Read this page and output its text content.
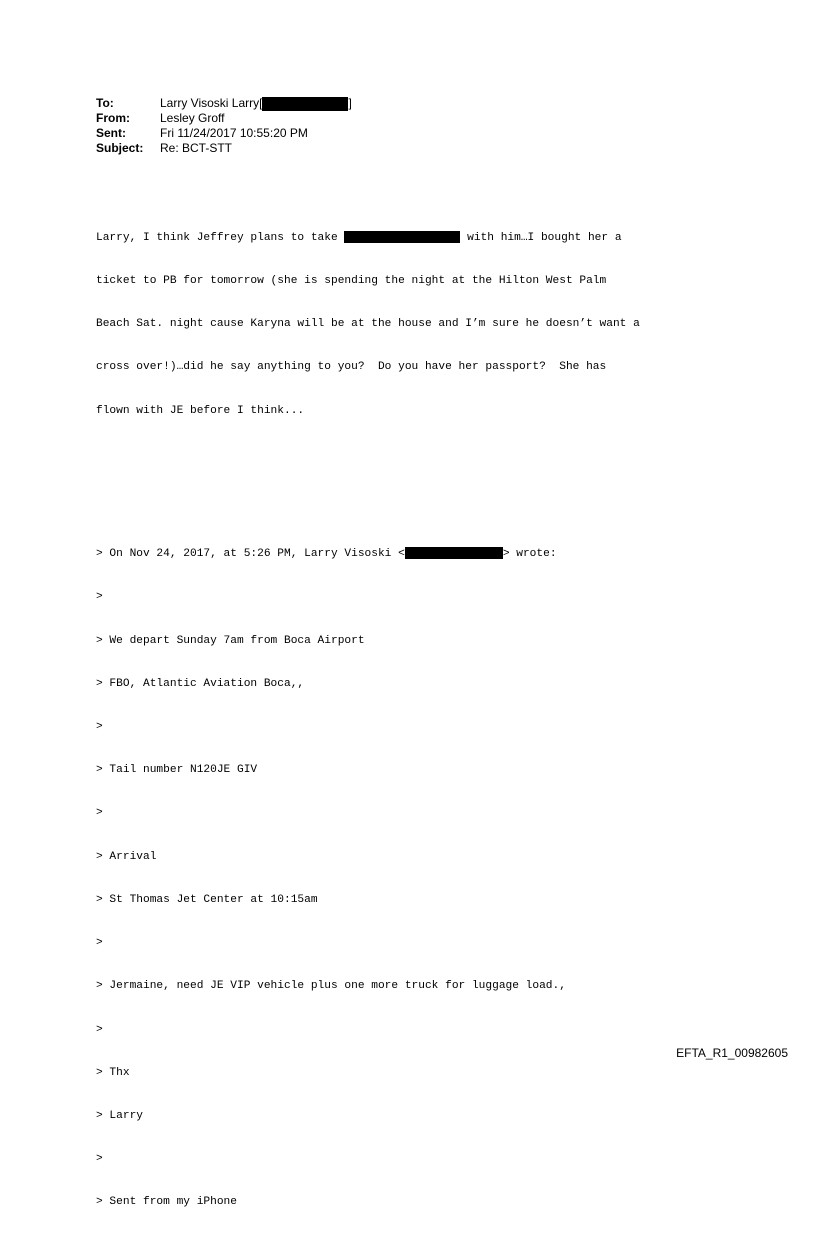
To:	Larry Visoski Larry[	]
From:	Lesley Groff
Sent:	Fri 11/24/2017 10:55:20 PM
Subject:	Re: BCT-STT

Larry, I think Jeffrey plans to take	with him…I bought her a

ticket to PB for tomorrow (she is spending the night at the Hilton West Palm

Beach Sat. night cause Karyna will be at the house and I’m sure he doesn’t want a

cross over!)…did he say anything to you?  Do you have her passport?  She has

flown with JE before I think...

> On Nov 24, 2017, at 5:26 PM, Larry Visoski <	> wrote:

>

> We depart Sunday 7am from Boca Airport

> FBO, Atlantic Aviation Boca,,

>

> Tail number N120JE GIV

>

> Arrival

> St Thomas Jet Center at 10:15am

>

> Jermaine, need JE VIP vehicle plus one more truck for luggage load.,

>

> Thx

> Larry

>

> Sent from my iPhone

EFTA_R1_00982605
